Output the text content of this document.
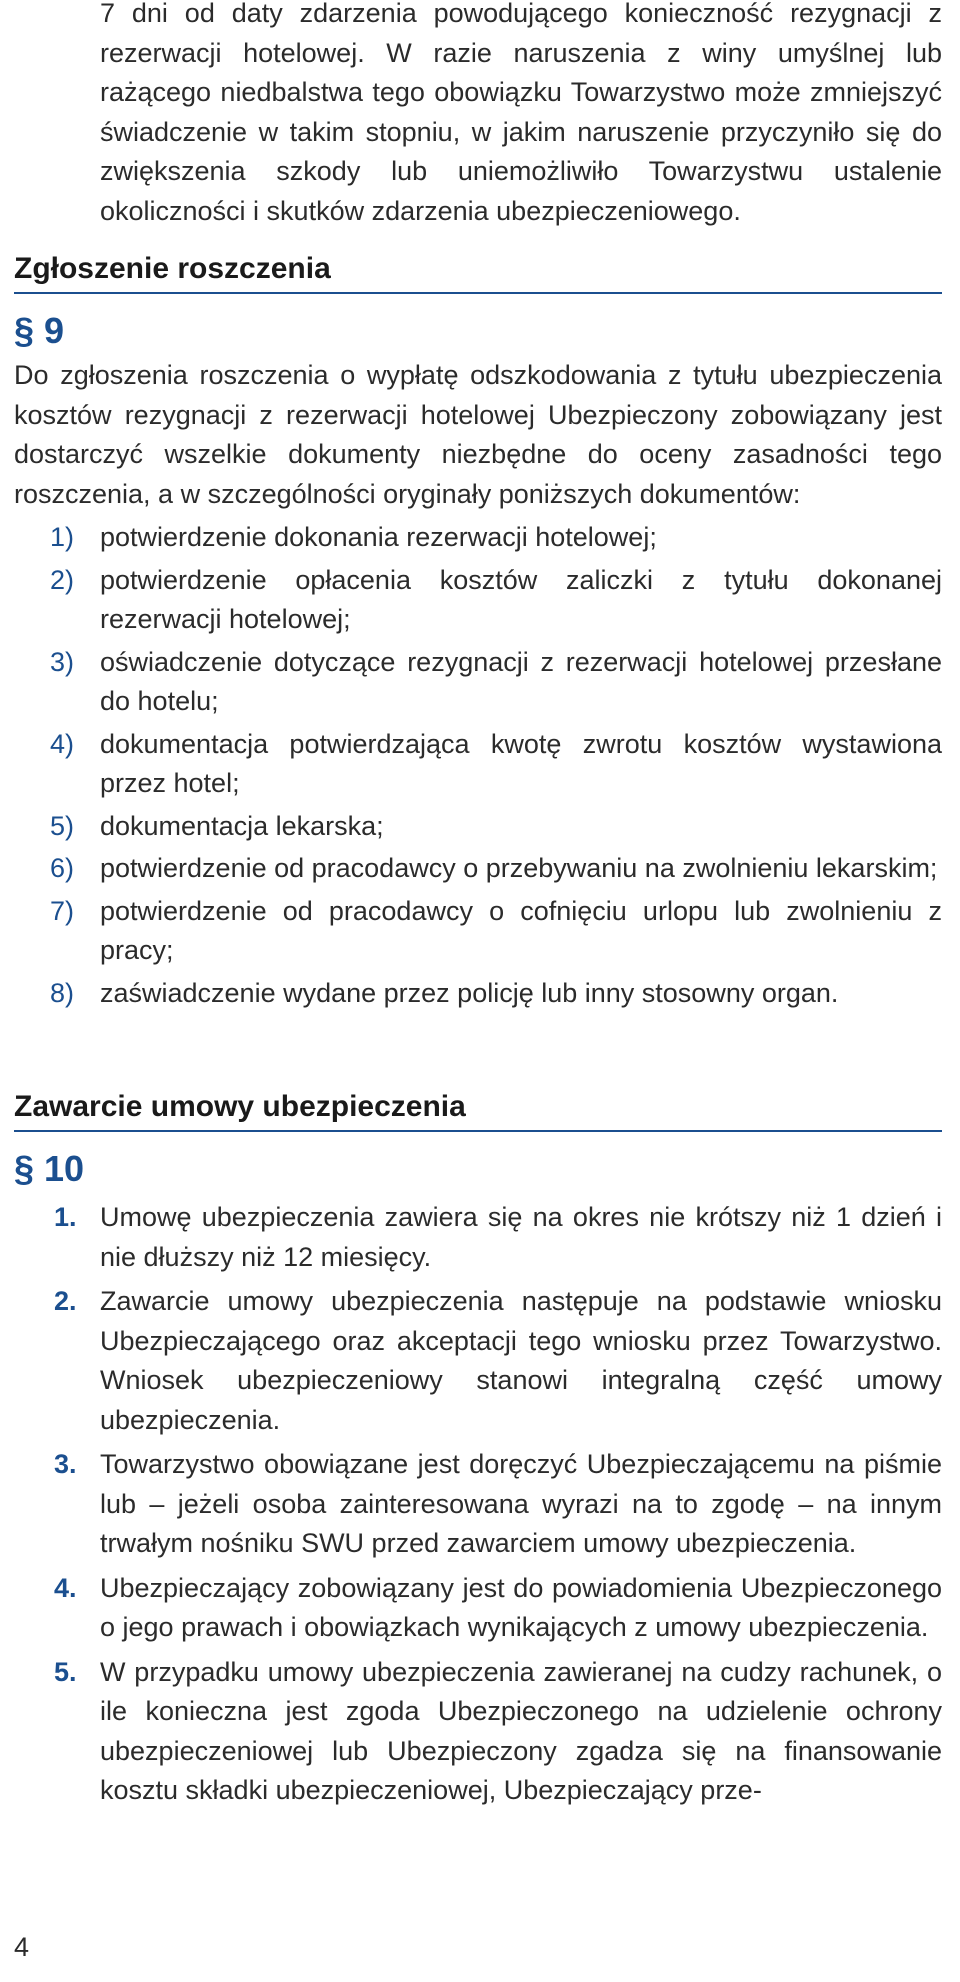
7 dni od daty zdarzenia powodującego konieczność rezygnacji z rezerwacji hotelowej. W razie naruszenia z winy umyślnej lub rażącego niedbalstwa tego obowiązku Towarzystwo może zmniejszyć świadczenie w takim stopniu, w jakim naruszenie przyczyniło się do zwiększenia szkody lub uniemożliwiło Towarzystwu ustalenie okoliczności i skutków zdarzenia ubezpieczeniowego.
Zgłoszenie roszczenia
§ 9
Do zgłoszenia roszczenia o wypłatę odszkodowania z tytułu ubezpieczenia kosztów rezygnacji z rezerwacji hotelowej Ubezpieczony zobowiązany jest dostarczyć wszelkie dokumenty niezbędne do oceny zasadności tego roszczenia, a w szczególności oryginały poniższych dokumentów:
1) potwierdzenie dokonania rezerwacji hotelowej;
2) potwierdzenie opłacenia kosztów zaliczki z tytułu dokonanej rezerwacji hotelowej;
3) oświadczenie dotyczące rezygnacji z rezerwacji hotelowej przesłane do hotelu;
4) dokumentacja potwierdzająca kwotę zwrotu kosztów wystawiona przez hotel;
5) dokumentacja lekarska;
6) potwierdzenie od pracodawcy o przebywaniu na zwolnieniu lekarskim;
7) potwierdzenie od pracodawcy o cofnięciu urlopu lub zwolnieniu z pracy;
8) zaświadczenie wydane przez policję lub inny stosowny organ.
Zawarcie umowy ubezpieczenia
§ 10
1. Umowę ubezpieczenia zawiera się na okres nie krótszy niż 1 dzień i nie dłuższy niż 12 miesięcy.
2. Zawarcie umowy ubezpieczenia następuje na podstawie wniosku Ubezpieczającego oraz akceptacji tego wniosku przez Towarzystwo. Wniosek ubezpieczeniowy stanowi integralną część umowy ubezpieczenia.
3. Towarzystwo obowiązane jest doręczyć Ubezpieczającemu na piśmie lub – jeżeli osoba zainteresowana wyrazi na to zgodę – na innym trwałym nośniku SWU przed zawarciem umowy ubezpieczenia.
4. Ubezpieczający zobowiązany jest do powiadomienia Ubezpieczonego o jego prawach i obowiązkach wynikających z umowy ubezpieczenia.
5. W przypadku umowy ubezpieczenia zawieranej na cudzy rachunek, o ile konieczna jest zgoda Ubezpieczonego na udzielenie ochrony ubezpieczeniowej lub Ubezpieczony zgadza się na finansowanie kosztu składki ubezpieczeniowej, Ubezpieczający prze-
4
